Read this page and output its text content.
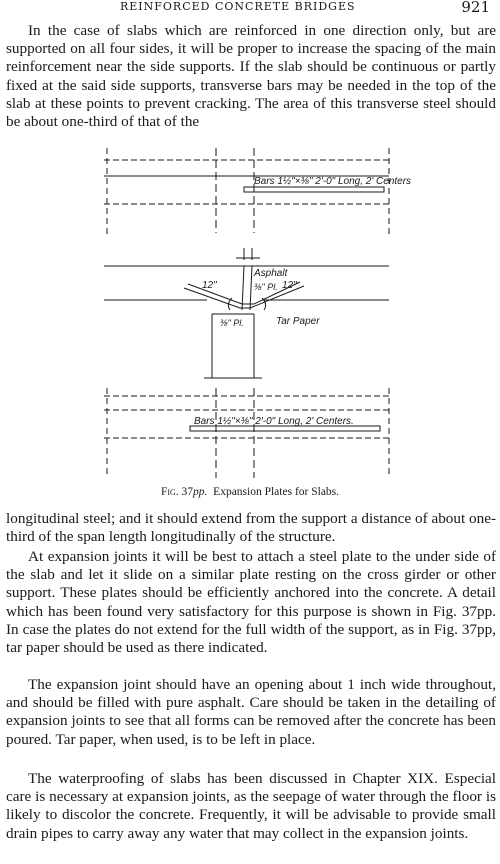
REINFORCED CONCRETE BRIDGES	921

In the case of slabs which are reinforced in one direction only, but are supported on all four sides, it will be proper to increase the spacing of the main reinforcement near the side supports. If the slab should be continuous or partly fixed at the said side supports, transverse bars may be needed in the top of the slab at these points to prevent cracking. The area of this transverse steel should be about one-third of that of the

Bars 1½"×⅜" 2'-0" Long, 2' Centers
Asphalt
⅜" Pl.
12"	12"
⅜" Pl.	Tar Paper
Bars 1½"×⅜" 2'-0" Long, 2' Centers.
Fig. 37pp. Expansion Plates for Slabs.

longitudinal steel; and it should extend from the support a distance of about one-third of the span length longitudinally of the structure.

At expansion joints it will be best to attach a steel plate to the under side of the slab and let it slide on a similar plate resting on the cross girder or other support. These plates should be efficiently anchored into the concrete. A detail which has been found very satisfactory for this purpose is shown in Fig. 37pp. In case the plates do not extend for the full width of the support, as in Fig. 37pp, tar paper should be used as there indicated.

The expansion joint should have an opening about 1 inch wide throughout, and should be filled with pure asphalt. Care should be taken in the detailing of expansion joints to see that all forms can be removed after the concrete has been poured. Tar paper, when used, is to be left in place.

The waterproofing of slabs has been discussed in Chapter XIX. Especial care is necessary at expansion joints, as the seepage of water through the floor is likely to discolor the concrete. Frequently, it will be advisable to provide small drain pipes to carry away any water that may collect in the expansion joints.
